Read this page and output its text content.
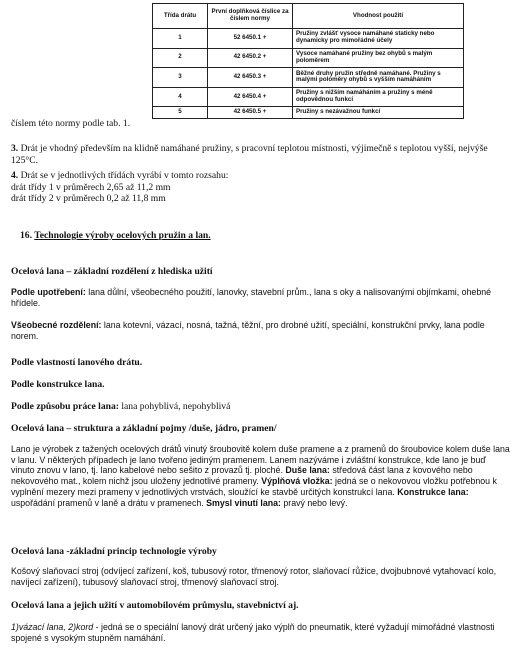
Třída drátu	První doplňková číslice za číslem normy	Vhodnost použití
1	52 6450.1 +	Pružiny zvlášť vysoce namáhané staticky nebo dynamicky pro mimořádné účely
2	42 6450.2 +	Vysoce namáhané pružiny bez ohybů s malým poloměrem
3	42 6450.3 +	Běžné druhy pružin středně namáhané. Pružiny s malými poloměry ohybů s vyšším namáháním
4	42 6450.4 +	Pružiny s nižším namáháním a pružiny s méně odpovědnou funkcí
5	42 6450.5 +	Pružiny s nezávažnou funkcí

číslem této normy podle tab. 1.

3. Drát je vhodný především na klidně namáhané pružiny, s pracovní teplotou místnosti, výjimečně s teplotou vyšší, nejvýše 125°C.

4. Drát se v jednotlivých třídách vyrábí v tomto rozsahu:
drát třídy 1 v průměrech 2,65 až 11,2 mm
drát třídy 2 v průměrech 0,2 až 11,8 mm

16. Technologie výroby ocelových pružin a lan.

Ocelová lana – základní rozdělení z hlediska užití

Podle upotřebení: lana důlní, všeobecného použití, lanovky, stavební prům., lana s oky a nalisovanými objímkami, ohebné hřídele.

Všeobecné rozdělení: lana kotevní, vázací, nosná, tažná, těžní, pro drobné užití, speciální, konstrukční prvky, lana podle norem.

Podle vlastností lanového drátu.

Podle konstrukce lana.

Podle způsobu práce lana: lana pohyblivá, nepohyblivá

Ocelová lana – struktura a základní pojmy /duše, jádro, pramen/

Lano je výrobek z tažených ocelových drátů vinutý šroubovitě kolem duše pramene a z pramenů do šroubovice kolem duše lana v lanu. V některých případech je lano tvořeno jediným pramenem. Lanem nazýváme i zvláštní konstrukce, kde lano je buď vinuto znovu v lano, tj. lano kabelové nebo sešito z provazů tj. ploché. Duše lana: středová část lana z kovového nebo nekovového mat., kolem nichž jsou uloženy jednotlivé prameny. Výplňová vložka: jedná se o nekovovou vložku potřebnou k vyplnění mezery mezi prameny v jednotlivých vrstvách, sloužící ke stavbě určitých konstrukcí lana. Konstrukce lana: uspořádání pramenů v laně a drátu v pramenech. Smysl vinutí lana: pravý nebo levý.

Ocelová lana -základní princip technologie výroby

Košový slaňovací stroj (odvíjecí zařízení, koš, tubusový rotor, třmenový rotor, slaňovací růžice, dvojbubnové vytahovací kolo, navíjecí zařízení), tubusový slaňovací stroj, třmenový slaňovací stroj.

Ocelová lana a jejich užití v automobilovém průmyslu, stavebnictví aj.

1)vázací lana, 2)kord - jedná se o speciální lanový drát určený jako výplň do pneumatik, které vyžadují mimořádné vlastnosti spojené s vysokým stupněm namáhání.
